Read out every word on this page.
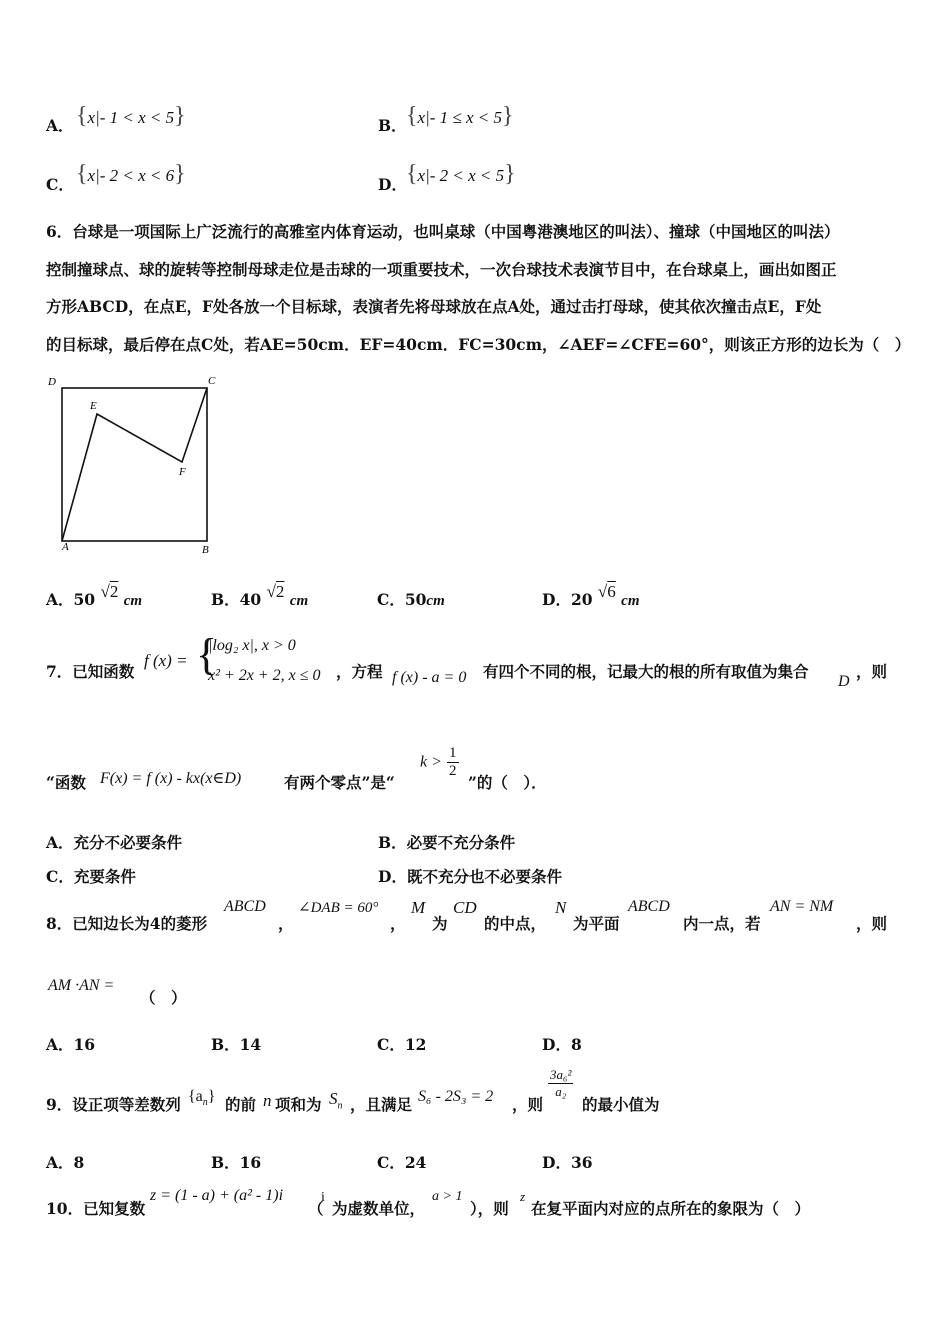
A． {x|- 1 < x < 5}	B． {x|- 1 ≤ x < 5}
C． {x|- 2 < x < 6}	D． {x|- 2 < x < 5}
6．台球是一项国际上广泛流行的高雅室内体育运动，也叫桌球（中国粤港澳地区的叫法）、撞球（中国地区的叫法）
控制撞球点、球的旋转等控制母球走位是击球的一项重要技术，一次台球技术表演节目中，在台球桌上，画出如图正
方形ABCD，在点E，F处各放一个目标球，表演者先将母球放在点A处，通过击打母球，使其依次撞击点E，F处
的目标球，最后停在点C处，若AE=50cm．EF=40cm．FC=30cm，∠AEF=∠CFE=60°，则该正方形的边长为（　）
D	C
E
F
A	B
A．50 √2 cm	B．40 √2 cm	C．50cm	D．20 √6 cm
7．已知函数
f (x) = {
|log₂ x|, x > 0
x² + 2x + 2, x ≤ 0 ，方程 f (x) - a = 0 有四个不同的根，记最大的根的所有取值为集合
D
，则
“函数 F(x) = f (x) - kx(x∈D)	有两个零点”是“
$k > \frac{1}{2}$
”的（　）．
A．充分不必要条件	B．必要不充分条件
C．充要条件	D．既不充分也不必要条件
8．已知边长为4的菱形
ABCD
，
∠DAB = 60°
，
M
为
CD
的中点，
N
为平面
ABCD
内一点，若
AN = NM
，则
AM ·AN =
（　）
A．16	B．14	C．12	D．8
9．设正项等差数列 $\{a_n\}$ 的前 n 项和为 $S_n$ ，且满足 S₆ - 2S₃ = 2 ，则
$\frac{\text{3a₆²}}{\text{a₂}}$
的最小值为
A．8	B．16	C．24	D．36
10．已知复数
z = (1 - a) + (a² - 1)i
（
i
为虚数单位，
a > 1
），则
z
在复平面内对应的点所在的象限为（　）
